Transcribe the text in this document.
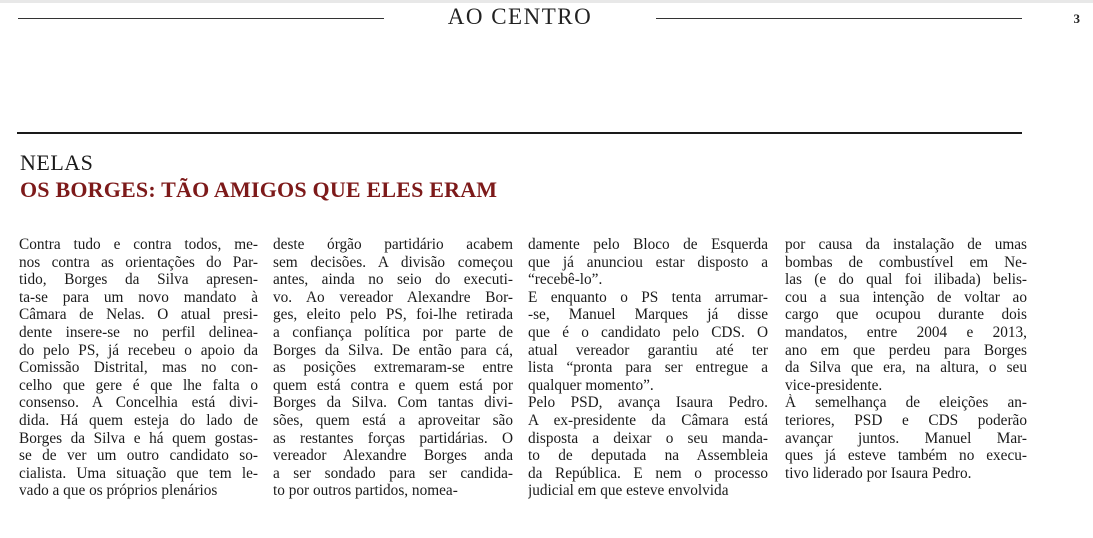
AO CENTRO	3
NELAS
OS BORGES: TÃO AMIGOS QUE ELES ERAM
Contra tudo e contra todos, me-
nos contra as orientações do Par-
tido, Borges da Silva apresen-
ta-se para um novo mandato à
Câmara de Nelas. O atual presi-
dente insere-se no perfil delinea-
do pelo PS, já recebeu o apoio da
Comissão Distrital, mas no con-
celho que gere é que lhe falta o
consenso. A Concelhia está divi-
dida. Há quem esteja do lado de
Borges da Silva e há quem gostas-
se de ver um outro candidato so-
cialista. Uma situação que tem le-
vado a que os próprios plenários
deste órgão partidário acabem
sem decisões. A divisão começou
antes, ainda no seio do executi-
vo. Ao vereador Alexandre Bor-
ges, eleito pelo PS, foi-lhe retirada
a confiança política por parte de
Borges da Silva. De então para cá,
as posições extremaram-se entre
quem está contra e quem está por
Borges da Silva. Com tantas divi-
sões, quem está a aproveitar são
as restantes forças partidárias. O
vereador Alexandre Borges anda
a ser sondado para ser candida-
to por outros partidos, nomea-
damente pelo Bloco de Esquerda
que já anunciou estar disposto a
“recebê-lo”.
E enquanto o PS tenta arrumar-
-se, Manuel Marques já disse
que é o candidato pelo CDS. O
atual vereador garantiu até ter
lista “pronta para ser entregue a
qualquer momento”.
Pelo PSD, avança Isaura Pedro.
A ex-presidente da Câmara está
disposta a deixar o seu manda-
to de deputada na Assembleia
da República. E nem o processo
judicial em que esteve envolvida
por causa da instalação de umas
bombas de combustível em Ne-
las (e do qual foi ilibada) belis-
cou a sua intenção de voltar ao
cargo que ocupou durante dois
mandatos, entre 2004 e 2013,
ano em que perdeu para Borges
da Silva que era, na altura, o seu
vice-presidente.
À semelhança de eleições an-
teriores, PSD e CDS poderão
avançar juntos. Manuel Mar-
ques já esteve também no execu-
tivo liderado por Isaura Pedro.
